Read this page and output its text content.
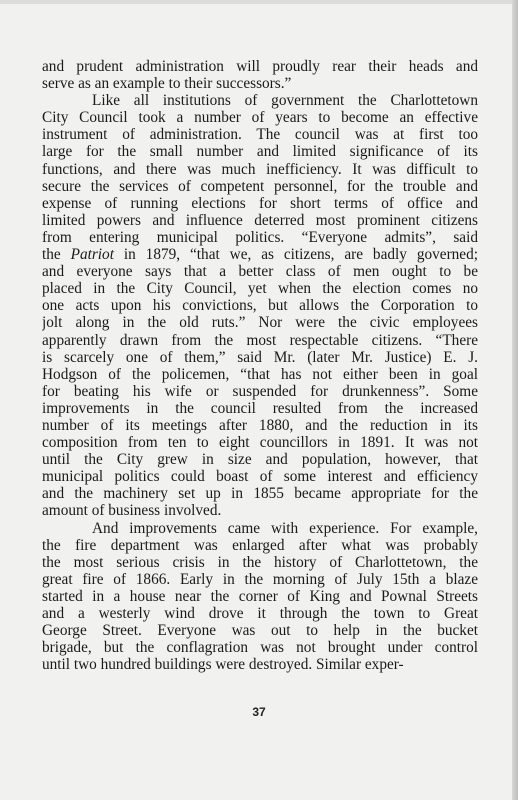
and prudent administration will proudly rear their heads and
serve as an example to their successors.”
Like all institutions of government the Charlottetown
City Council took a number of years to become an effective
instrument of administration. The council was at first too
large for the small number and limited significance of its
functions, and there was much inefficiency. It was difficult to
secure the services of competent personnel, for the trouble and
expense of running elections for short terms of office and
limited powers and influence deterred most prominent citizens
from entering municipal politics. “Everyone admits”, said
the Patriot in 1879, “that we, as citizens, are badly governed;
and everyone says that a better class of men ought to be
placed in the City Council, yet when the election comes no
one acts upon his convictions, but allows the Corporation to
jolt along in the old ruts.” Nor were the civic employees
apparently drawn from the most respectable citizens. “There
is scarcely one of them,” said Mr. (later Mr. Justice) E. J.
Hodgson of the policemen, “that has not either been in goal
for beating his wife or suspended for drunkenness”. Some
improvements in the council resulted from the increased
number of its meetings after 1880, and the reduction in its
composition from ten to eight councillors in 1891. It was not
until the City grew in size and population, however, that
municipal politics could boast of some interest and efficiency
and the machinery set up in 1855 became appropriate for the
amount of business involved.
And improvements came with experience. For example,
the fire department was enlarged after what was probably
the most serious crisis in the history of Charlottetown, the
great fire of 1866. Early in the morning of July 15th a blaze
started in a house near the corner of King and Pownal Streets
and a westerly wind drove it through the town to Great
George Street. Everyone was out to help in the bucket
brigade, but the conflagration was not brought under control
until two hundred buildings were destroyed. Similar exper-
37
